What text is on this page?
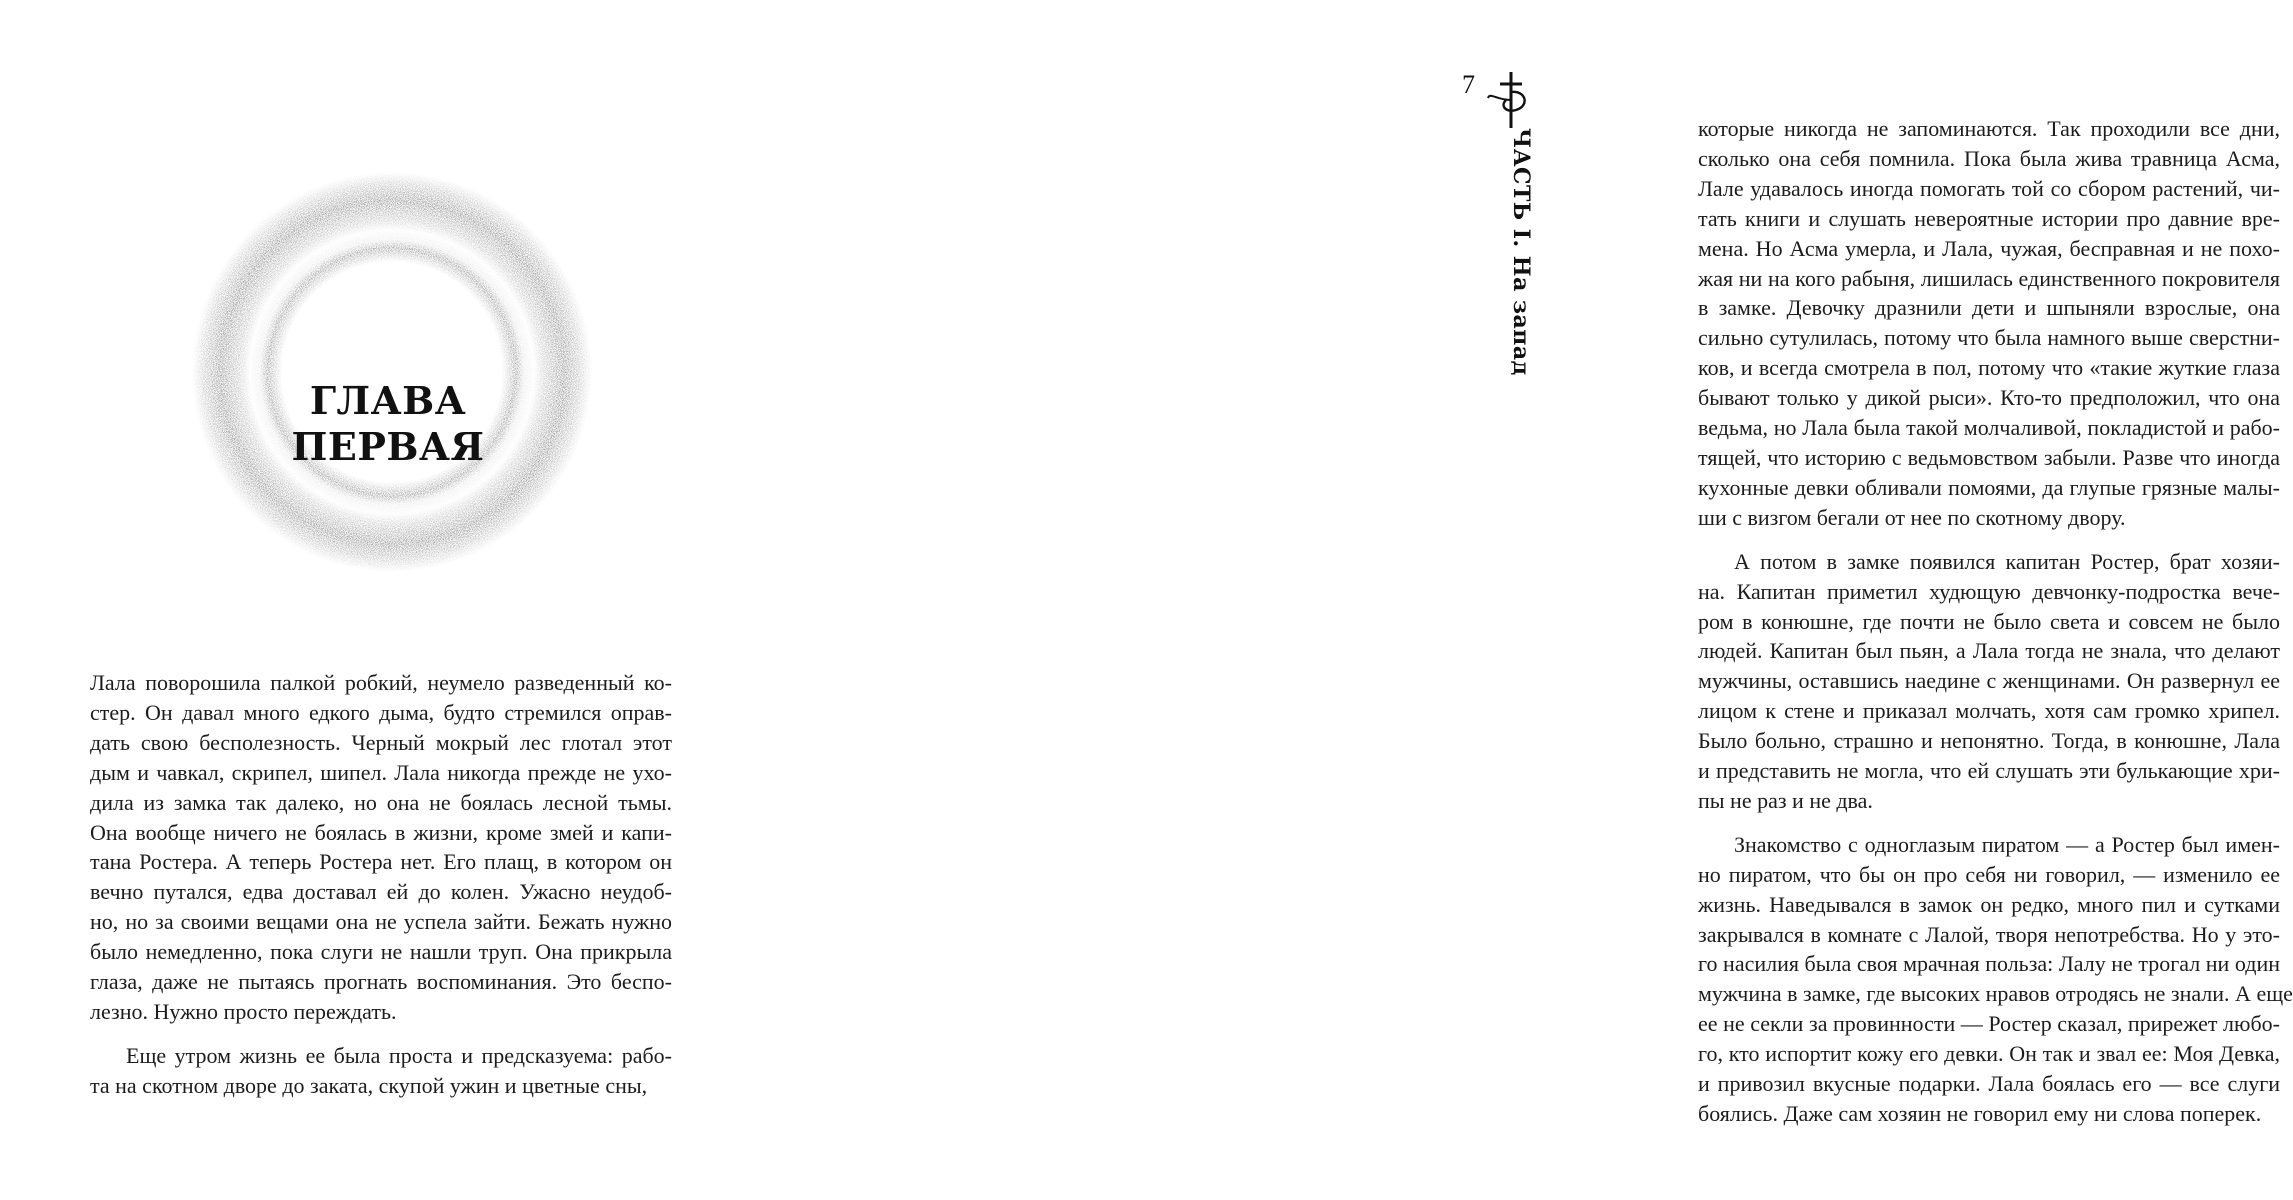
ГЛАВА
ПЕРВАЯ
Лала поворошила палкой робкий, неумело разведенный ко-
стер. Он давал много едкого дыма, будто стремился оправ-
дать свою бесполезность. Черный мокрый лес глотал этот
дым и чавкал, скрипел, шипел. Лала никогда прежде не ухо-
дила из замка так далеко, но она не боялась лесной тьмы.
Она вообще ничего не боялась в жизни, кроме змей и капи-
тана Ростера. А теперь Ростера нет. Его плащ, в котором он
вечно путался, едва доставал ей до колен. Ужасно неудоб-
но, но за своими вещами она не успела зайти. Бежать нужно
было немедленно, пока слуги не нашли труп. Она прикрыла
глаза, даже не пытаясь прогнать воспоминания. Это беспо-
лезно. Нужно просто переждать.
Еще утром жизнь ее была проста и предсказуема: рабо-
та на скотном дворе до заката, скупой ужин и цветные сны,
которые никогда не запоминаются. Так проходили все дни,
сколько она себя помнила. Пока была жива травница Асма,
Лале удавалось иногда помогать той со сбором растений, чи-
тать книги и слушать невероятные истории про давние вре-
мена. Но Асма умерла, и Лала, чужая, бесправная и не похо-
жая ни на кого рабыня, лишилась единственного покровителя
в замке. Девочку дразнили дети и шпыняли взрослые, она
сильно сутулилась, потому что была намного выше сверстни-
ков, и всегда смотрела в пол, потому что «такие жуткие глаза
бывают только у дикой рыси». Кто-то предположил, что она
ведьма, но Лала была такой молчаливой, покладистой и рабо-
тящей, что историю с ведьмовством забыли. Разве что иногда
кухонные девки обливали помоями, да глупые грязные малы-
ши с визгом бегали от нее по скотному двору.
А потом в замке появился капитан Ростер, брат хозяи-
на. Капитан приметил худющую девчонку-подростка вече-
ром в конюшне, где почти не было света и совсем не было
людей. Капитан был пьян, а Лала тогда не знала, что делают
мужчины, оставшись наедине с женщинами. Он развернул ее
лицом к стене и приказал молчать, хотя сам громко хрипел.
Было больно, страшно и непонятно. Тогда, в конюшне, Лала
и представить не могла, что ей слушать эти булькающие хри-
пы не раз и не два.
Знакомство с одноглазым пиратом — а Ростер был имен-
но пиратом, что бы он про себя ни говорил, — изменило ее
жизнь. Наведывался в замок он редко, много пил и сутками
закрывался в комнате с Лалой, творя непотребства. Но у это-
го насилия была своя мрачная польза: Лалу не трогал ни один
мужчина в замке, где высоких нравов отродясь не знали. А еще
ее не секли за провинности — Ростер сказал, прирежет любо-
го, кто испортит кожу его девки. Он так и звал ее: Моя Девка,
и привозил вкусные подарки. Лала боялась его — все слуги
боялись. Даже сам хозяин не говорил ему ни слова поперек.
7
ЧАСТЬ I. На запад
